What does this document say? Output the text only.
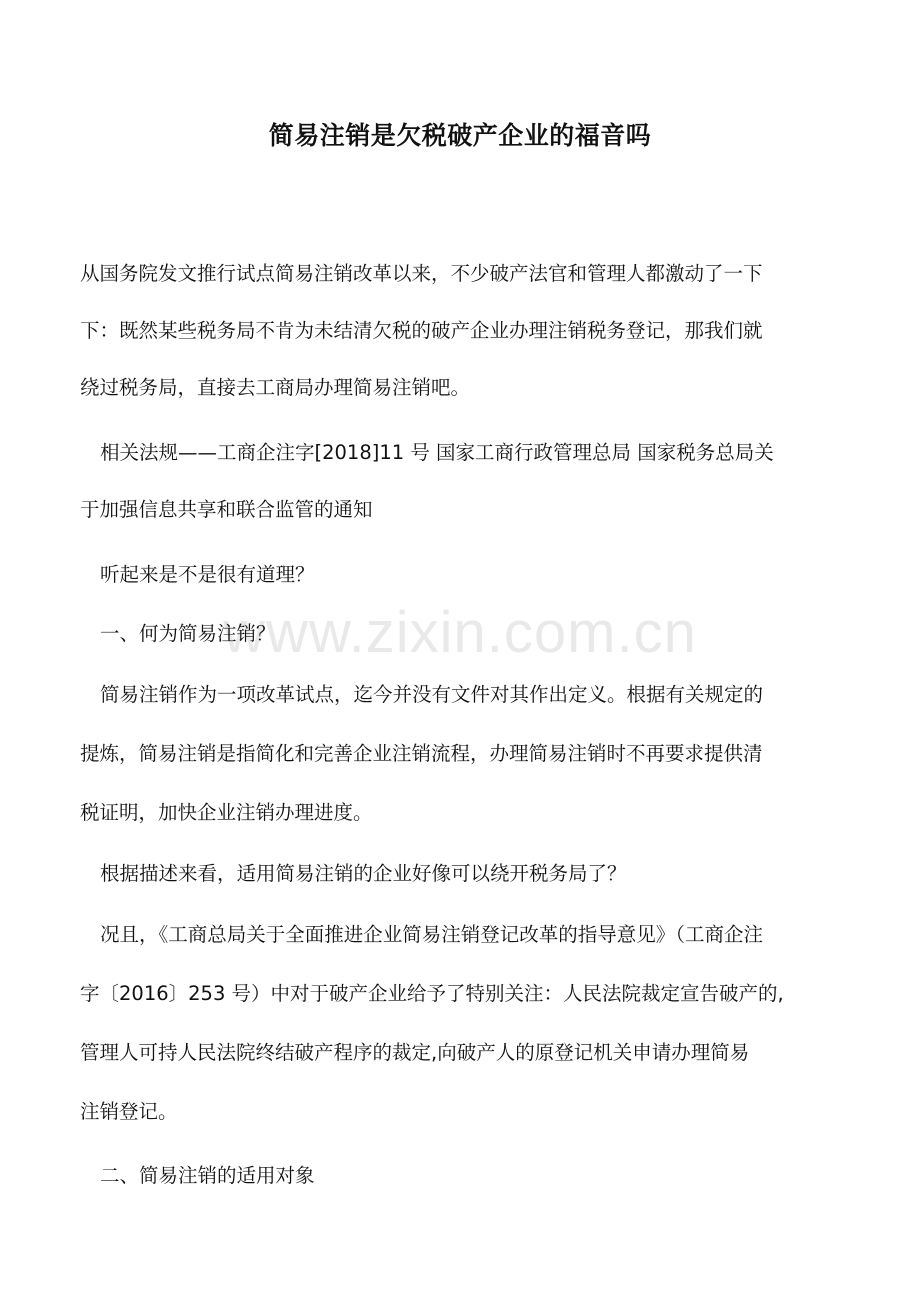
简易注销是欠税破产企业的福音吗
www.zixin.com.cn

从国务院发文推行试点简易注销改革以来，不少破产法官和管理人都激动了一下

下：既然某些税务局不肯为未结清欠税的破产企业办理注销税务登记，那我们就

绕过税务局，直接去工商局办理简易注销吧。

相关法规——工商企注字[2018]11 号 国家工商行政管理总局 国家税务总局关

于加强信息共享和联合监管的通知

听起来是不是很有道理？

一、何为简易注销？

简易注销作为一项改革试点，迄今并没有文件对其作出定义。根据有关规定的

提炼，简易注销是指简化和完善企业注销流程，办理简易注销时不再要求提供清

税证明，加快企业注销办理进度。

根据描述来看，适用简易注销的企业好像可以绕开税务局了？

况且，《工商总局关于全面推进企业简易注销登记改革的指导意见》（工商企注

字〔2016〕253 号）中对于破产企业给予了特别关注：人民法院裁定宣告破产的,

管理人可持人民法院终结破产程序的裁定,向破产人的原登记机关申请办理简易

注销登记。

二、简易注销的适用对象
